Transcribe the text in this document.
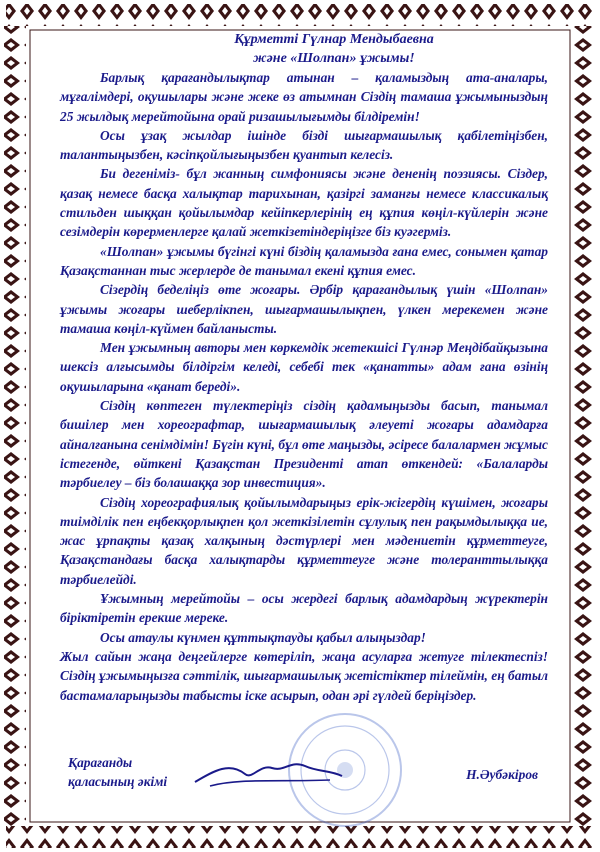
Құрметті Гүлнар Мендыбаевна
және «Шолпан» ұжымы!

Барлық қарағандылықтар атынан – қаламыздың ата-аналары, мұғалімдері, оқушылары және жеке өз атымнан Сіздің тамаша ұжымыныздың 25 жылдық мерейтойына орай ризашылығымды білдіремін!

Осы ұзақ жылдар ішінде бізді шығармашылық қабілетіңізбен, талантыңызбен, кәсіпқойлығыңызбен қуантып келесіз.

Би дегеніміз- бұл жанның симфониясы және дененің поэзиясы. Сіздер, қазақ немесе басқа халықтар тарихынан, қазіргі заманғы немесе классикалық стильден шыққан қойылымдар кейіпкерлерінің ең құпия көңіл-күйлерін және сезімдерін көрерменлерге қалай жеткізетіндеріңізге біз куәгерміз.

«Шолпан» ұжымы бүгінгі күні біздің қаламызда ғана емес, сонымен қатар Қазақстаннан тыс жерлерде де танымал екені құпия емес.

Сізердің беделіңіз өте жоғары. Әрбір қарағандылық үшін «Шолпан» ұжымы жоғары шеберлікпен, шығармашылықпен, үлкен мерекемен және тамаша көңіл-күймен байланысты.

Мен ұжымның авторы мен көркемдік жетекшісі Гүлнәр Меңдібайқызына шексіз алғысымды білдіргім келеді, себебі тек «қанатты» адам ғана өзінің оқушыларына «қанат береді».

Сіздің көптеген түлектеріңіз сіздің қадамыңызды басып, танымал бишілер мен хореографтар, шығармашылық әлеуеті жоғары адамдарға айналғанына сенімдімін! Бүгін күні, бұл өте маңызды, әсіресе балалармен жұмыс істегенде, өйткені Қазақстан Президенті атап өткендей: «Балаларды тәрбиелеу – біз болашаққа зор инвестиция».

Сіздің хореографиялық қойылымдарыңыз ерік-жігердің күшімен, жоғары тиімділік пен еңбекқорлықпен қол жеткізілетін сұлулық пен рақымдылыққа ие, жас ұрпақты қазақ халқының дәстүрлері мен мәдениетін құрметтеуге, Қазақстандағы басқа халықтарды құрметтеуге және толеранттылыққа тәрбиелейді.

Ұжымның мерейтойы – осы жердегі барлық адамдардың жүректерін біріктіретін ерекше мереке.

Осы атаулы күнмен құттықтауды қабыл алыңыздар!

Жыл сайын жаңа деңгейлерге көтеріліп, жаңа асуларға жетуге тілектеспіз! Сіздің ұжымыңызға сәттілік, шығармашылық жетістіктер тілеймін, ең батыл бастамаларыңызды табысты іске асырып, одан әрі гүлдей беріңіздер.

Қарағанды
қаласының әкімі	Н.Әубәкіров
